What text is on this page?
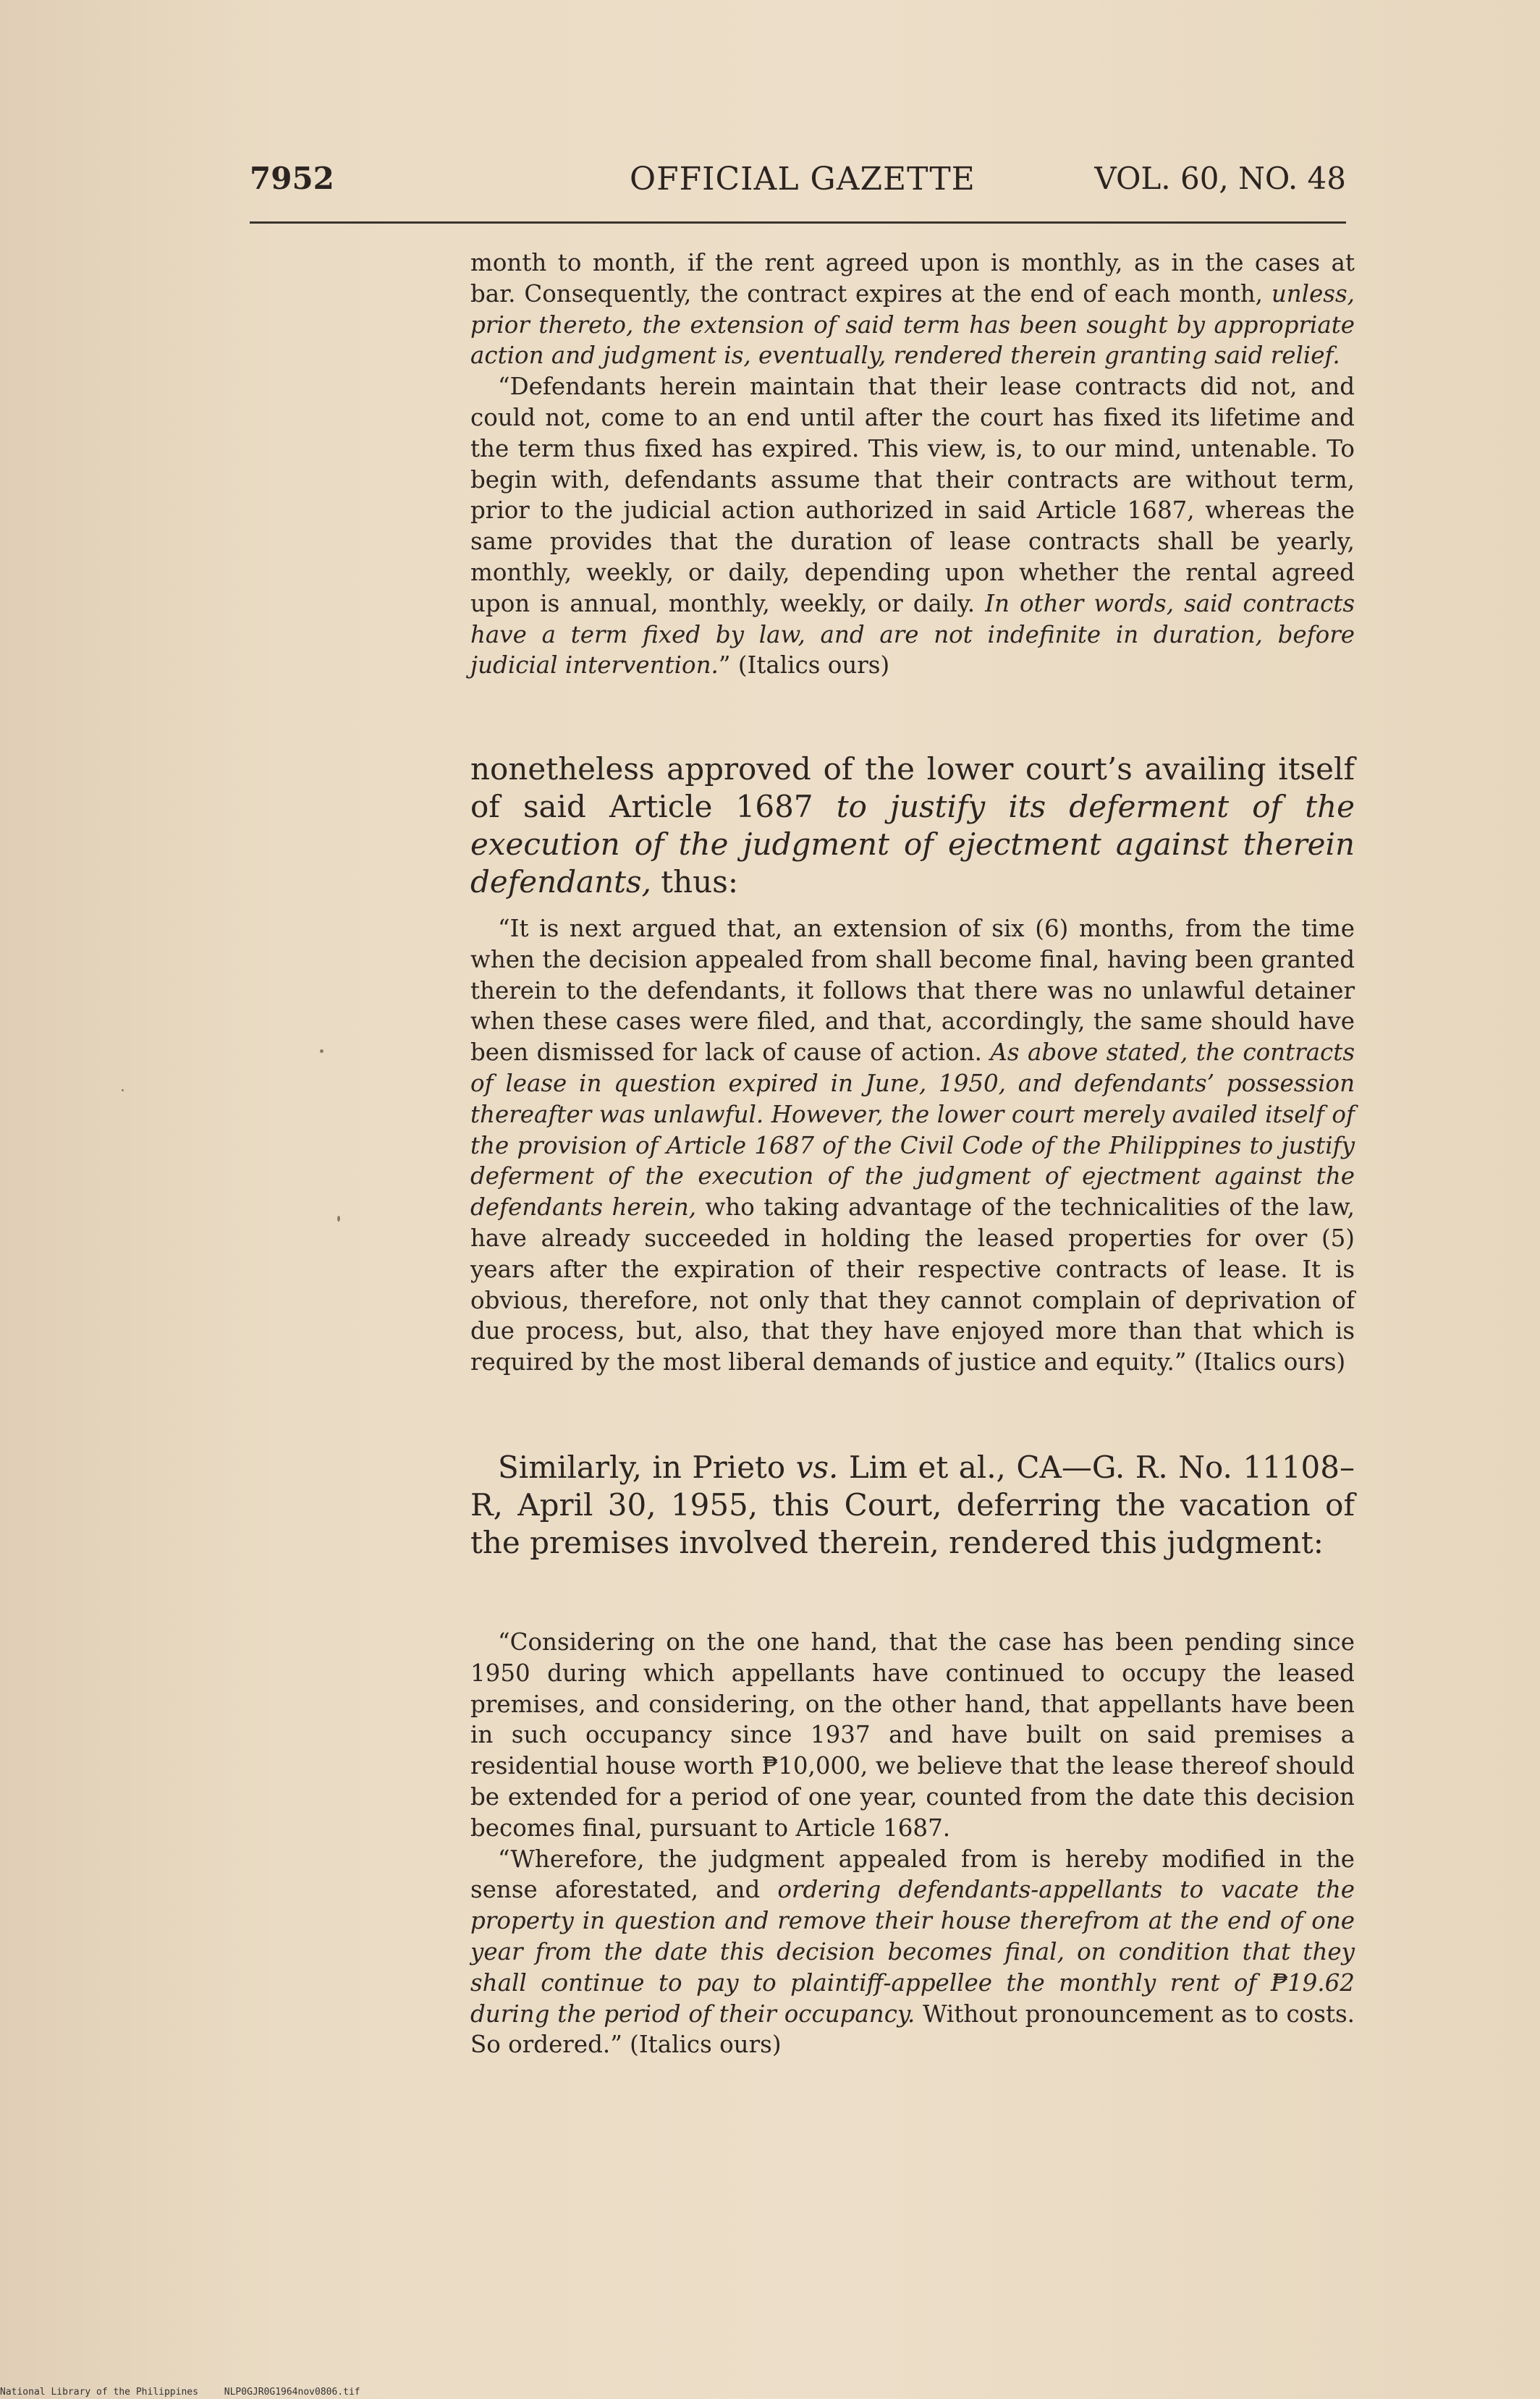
7952	OFFICIAL GAZETTE	VOL. 60, NO. 48

month to month, if the rent agreed upon is monthly, as in the cases at bar. Consequently, the contract expires at the end of each month, unless, prior thereto, the extension of said term has been sought by appropriate action and judgment is, eventually, rendered therein granting said relief.

“Defendants herein maintain that their lease contracts did not, and could not, come to an end until after the court has fixed its lifetime and the term thus fixed has expired. This view, is, to our mind, untenable. To begin with, defendants assume that their contracts are without term, prior to the judicial action authorized in said Article 1687, whereas the same provides that the duration of lease contracts shall be yearly, monthly, weekly, or daily, depending upon whether the rental agreed upon is annual, monthly, weekly, or daily. In other words, said contracts have a term fixed by law, and are not indefinite in duration, before judicial intervention.” (Italics ours)

nonetheless approved of the lower court’s availing itself of said Article 1687 to justify its deferment of the execution of the judgment of ejectment against therein defendants, thus:

“It is next argued that, an extension of six (6) months, from the time when the decision appealed from shall become final, having been granted therein to the defendants, it follows that there was no unlawful detainer when these cases were filed, and that, accordingly, the same should have been dismissed for lack of cause of action. As above stated, the contracts of lease in question expired in June, 1950, and defendants’ possession thereafter was unlawful. However, the lower court merely availed itself of the provision of Article 1687 of the Civil Code of the Philippines to justify deferment of the execution of the judgment of ejectment against the defendants herein, who taking advantage of the technicalities of the law, have already succeeded in holding the leased properties for over (5) years after the expiration of their respective contracts of lease. It is obvious, therefore, not only that they cannot complain of deprivation of due process, but, also, that they have enjoyed more than that which is required by the most liberal demands of justice and equity.” (Italics ours)

Similarly, in Prieto vs. Lim et al., CA—G. R. No. 11108–R, April 30, 1955, this Court, deferring the vacation of the premises involved therein, rendered this judgment:

“Considering on the one hand, that the case has been pending since 1950 during which appellants have continued to occupy the leased premises, and considering, on the other hand, that appellants have been in such occupancy since 1937 and have built on said premises a residential house worth ₱10,000, we believe that the lease thereof should be extended for a period of one year, counted from the date this decision becomes final, pursuant to Article 1687.

“Wherefore, the judgment appealed from is hereby modified in the sense aforestated, and ordering defendants-appellants to vacate the property in question and remove their house therefrom at the end of one year from the date this decision becomes final, on condition that they shall continue to pay to plaintiff-appellee the monthly rent of ₱19.62 during the period of their occupancy. Without pronouncement as to costs. So ordered.” (Italics ours)

National Library of the Philippines	NLP0GJR0G1964nov0806.tif
